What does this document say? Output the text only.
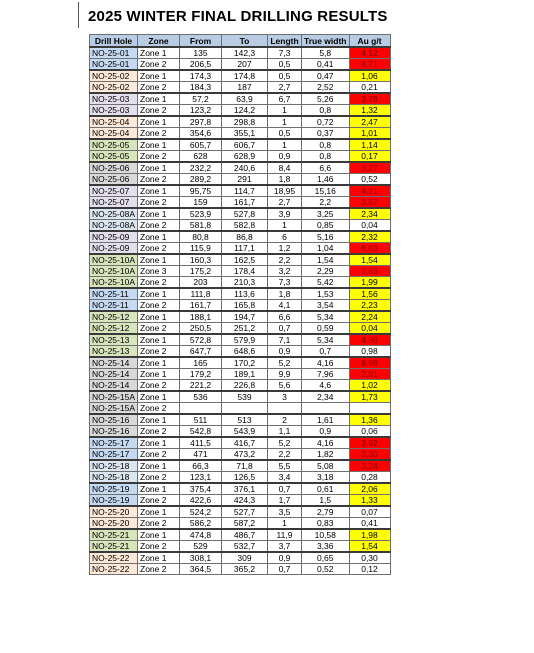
2025 WINTER FINAL DRILLING RESULTS
Drill Hole	Zone	From	To	Length	True width	Au g/t
NO-25-01	Zone 1	135	142,3	7,3	5,8	4,12
NO-25-01	Zone 2	206,5	207	0,5	0,41	4,71
NO-25-02	Zone 1	174,3	174,8	0,5	0,47	1,06
NO-25-02	Zone 2	184,3	187	2,7	2,52	0,21
NO-25-03	Zone 1	57,2	63,9	6,7	5,26	3,78
NO-25-03	Zone 2	123,2	124,2	1	0,8	1,32
NO-25-04	Zone 1	297,8	298,8	1	0,72	2,47
NO-25-04	Zone 2	354,6	355,1	0,5	0,37	1,01
NO-25-05	Zone 1	605,7	606,7	1	0,8	1,14
NO-25-05	Zone 2	628	628,9	0,9	0,8	0,17
NO-25-06	Zone 1	232,2	240,6	8,4	6,6	3,27
NO-25-06	Zone 2	289,2	291	1,8	1,46	0,52
NO-25-07	Zone 1	95,75	114,7	18,95	15,16	4,21
NO-25-07	Zone 2	159	161,7	2,7	2,2	3,67
NO-25-08A	Zone 1	523,9	527,8	3,9	3,25	2,34
NO-25-08A	Zone 2	581,8	582,8	1	0,85	0,04
NO-25-09	Zone 1	80,8	86,8	6	5,16	2,32
NO-25-09	Zone 2	115,9	117,1	1,2	1,04	6,63
NO-25-10A	Zone 1	160,3	162,5	2,2	1,54	1,54
NO-25-10A	Zone 3	175,2	178,4	3,2	2,29	2,63
NO-25-10A	Zone 2	203	210,3	7,3	5,42	1,99
NO-25-11	Zone 1	111,8	113,6	1,8	1,53	1,56
NO-25-11	Zone 2	161,7	165,8	4,1	3,54	2,23
NO-25-12	Zone 1	188,1	194,7	6,6	5,34	2,24
NO-25-12	Zone 2	250,5	251,2	0,7	0,59	0,04
NO-25-13	Zone 1	572,8	579,9	7,1	5,34	4,30
NO-25-13	Zone 2	647,7	648,6	0,9	0,7	0,98
NO-25-14	Zone 1	165	170,2	5,2	4,16	8,96
NO-25-14	Zone 1	179,2	189,1	9,9	7,96	2,91
NO-25-14	Zone 2	221,2	226,8	5,6	4,6	1,02
NO-25-15A	Zone 1	536	539	3	2,34	1,73
NO-25-15A	Zone 2					
NO-25-16	Zone 1	511	513	2	1,61	1,36
NO-25-16	Zone 2	542,8	543,9	1,1	0,9	0,06
NO-25-17	Zone 1	411,5	416,7	5,2	4,16	3,92
NO-25-17	Zone 2	471	473,2	2,2	1,82	3,30
NO-25-18	Zone 1	66,3	71,8	5,5	5,08	3,24
NO-25-18	Zone 2	123,1	126,5	3,4	3,18	0,28
NO-25-19	Zone 1	375,4	376,1	0,7	0,61	2,06
NO-25-19	Zone 2	422,6	424,3	1,7	1,5	1,33
NO-25-20	Zone 1	524,2	527,7	3,5	2,79	0,07
NO-25-20	Zone 2	586,2	587,2	1	0,83	0,41
NO-25-21	Zone 1	474,8	486,7	11,9	10,58	1,98
NO-25-21	Zone 2	529	532,7	3,7	3,36	1,54
NO-25-22	Zone 1	308,1	309	0,9	0,65	0,30
NO-25-22	Zone 2	364,5	365,2	0,7	0,52	0,12
